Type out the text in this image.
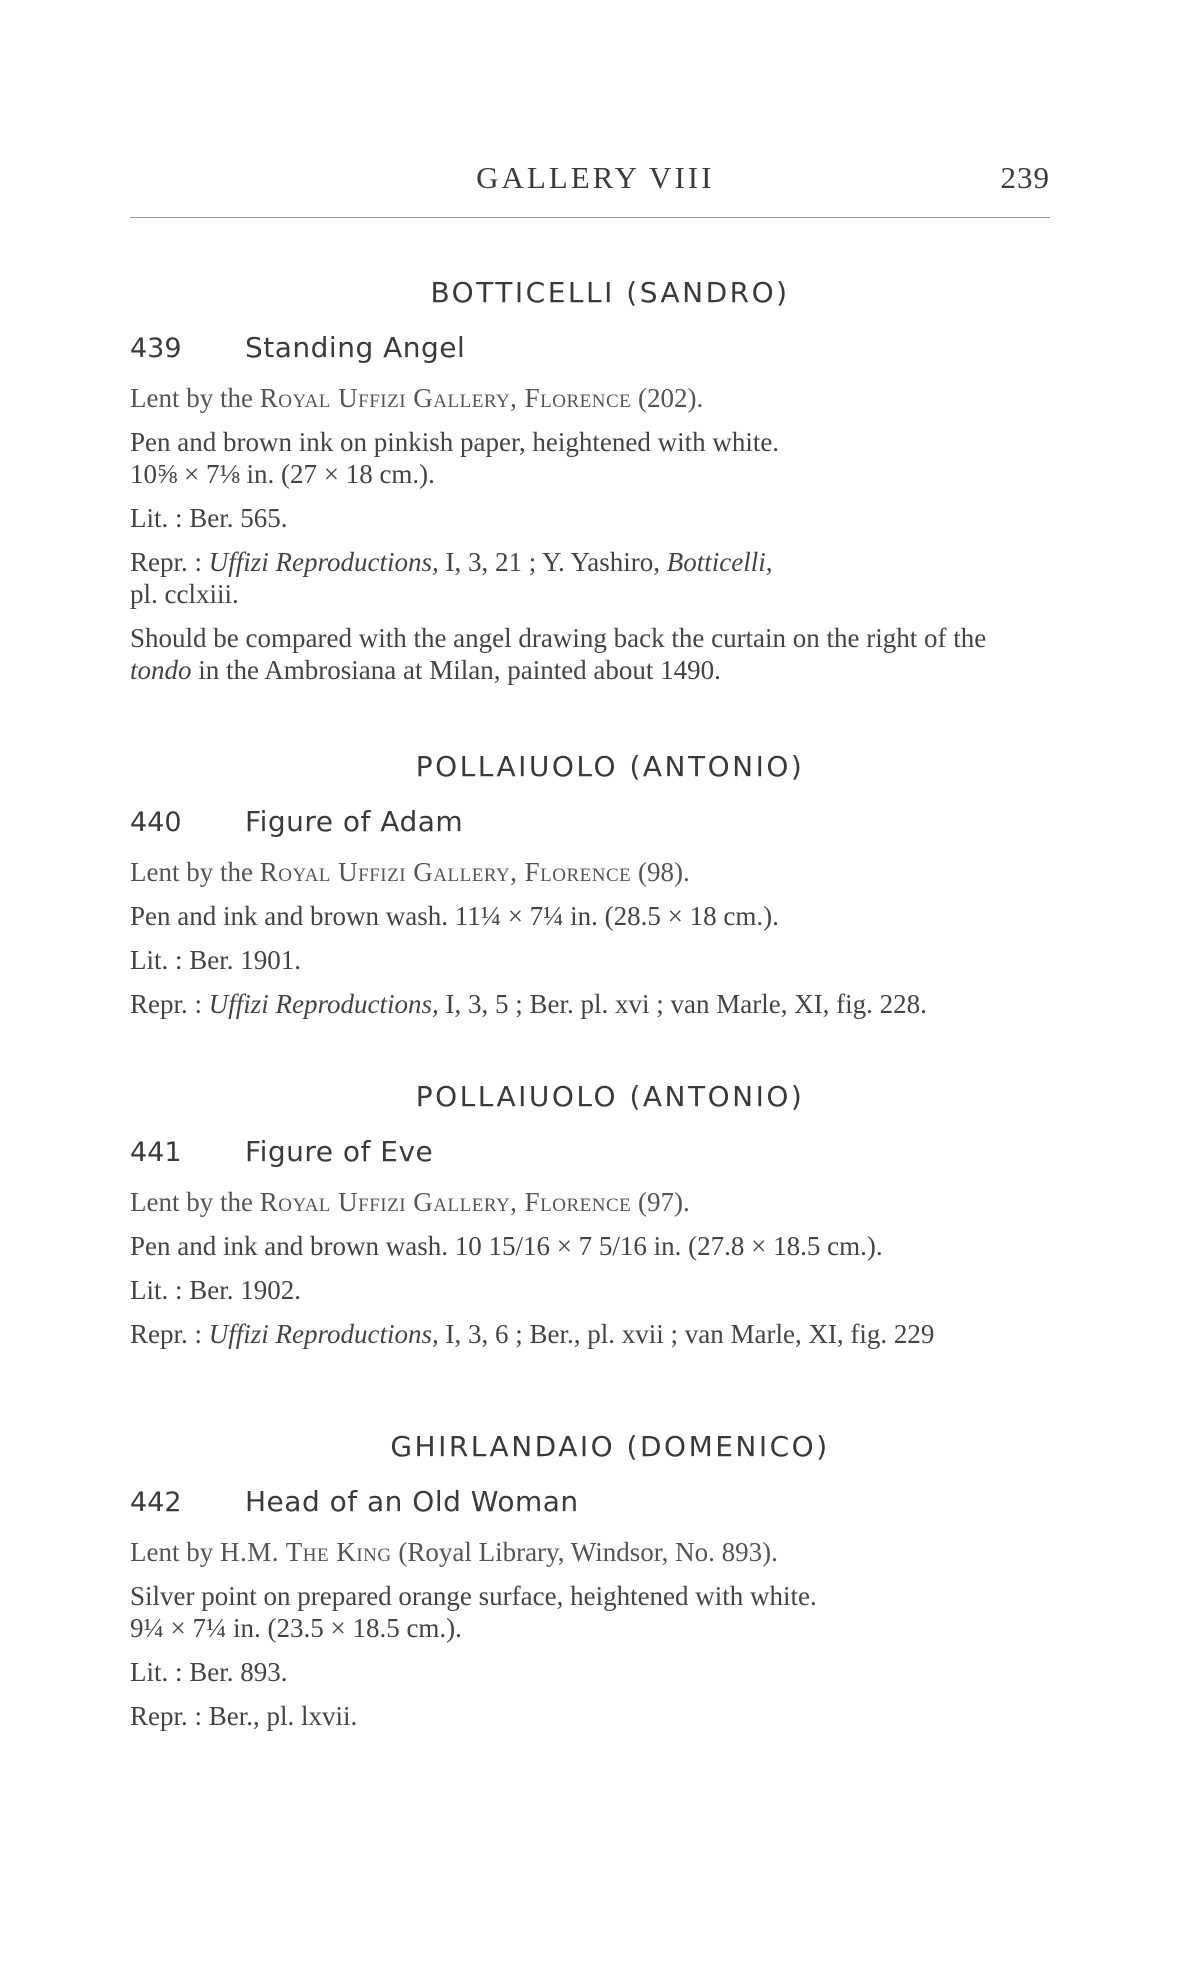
GALLERY VIII	239
BOTTICELLI (SANDRO)
439	Standing Angel

Lent by the Royal Uffizi Gallery, Florence (202).

Pen and brown ink on pinkish paper, heightened with white.
10⅝ × 7⅛ in. (27 × 18 cm.).

Lit. : Ber. 565.

Repr. : Uffizi Reproductions, I, 3, 21 ; Y. Yashiro, Botticelli,
pl. cclxiii.

Should be compared with the angel drawing back the curtain on the right of the tondo in the Ambrosiana at Milan, painted about 1490.

POLLAIUOLO (ANTONIO)
440	Figure of Adam

Lent by the Royal Uffizi Gallery, Florence (98).

Pen and ink and brown wash. 11¼ × 7¼ in. (28.5 × 18 cm.).

Lit. : Ber. 1901.

Repr. : Uffizi Reproductions, I, 3, 5 ; Ber. pl. xvi ; van Marle, XI, fig. 228.

POLLAIUOLO (ANTONIO)
441	Figure of Eve

Lent by the Royal Uffizi Gallery, Florence (97).

Pen and ink and brown wash. 10 15/16 × 7 5/16 in. (27.8 × 18.5 cm.).

Lit. : Ber. 1902.

Repr. : Uffizi Reproductions, I, 3, 6 ; Ber., pl. xvii ; van Marle, XI, fig. 229

GHIRLANDAIO (DOMENICO)
442	Head of an Old Woman

Lent by H.M. The King (Royal Library, Windsor, No. 893).

Silver point on prepared orange surface, heightened with white.
9¼ × 7¼ in. (23.5 × 18.5 cm.).

Lit. : Ber. 893.

Repr. : Ber., pl. lxvii.
